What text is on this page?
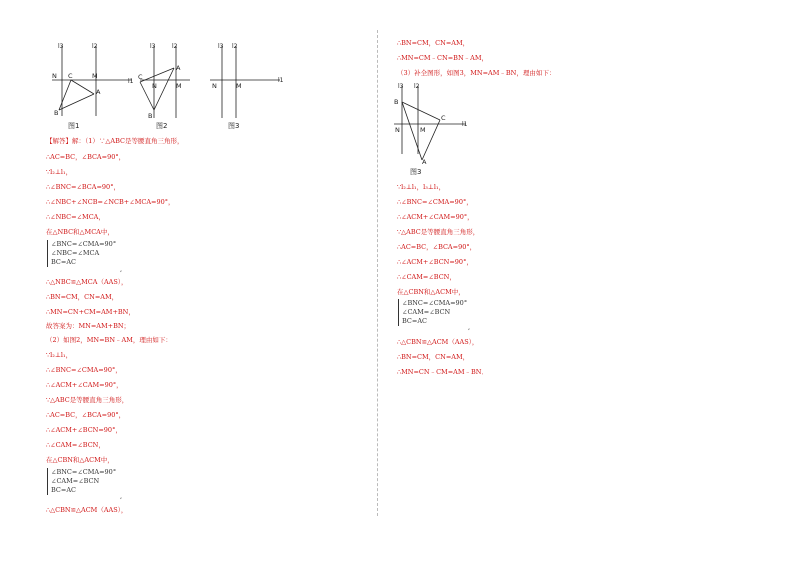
l3	l2
l1
N C	M
A
B
图1
l3	l2
C
A
N	M
B
图2
l3 l2
l1
N	M
图3
【解答】解：（1）∵△ABC是等腰直角三角形，
∴AC=BC，∠BCA=90°，
∵l₂⊥l₁，
∴∠BNC=∠BCA=90°，
∴∠NBC+∠NCB=∠NCB+∠MCA=90°，
∴∠NBC=∠MCA，
在△NBC和△MCA中，
∠BNC=∠CMA=90°
∠NBC=∠MCA
BC=AC
,
∴△NBC≌△MCA（AAS），
∴BN=CM，CN=AM，
∴MN=CN+CM=AM+BN，
故答案为：MN=AM+BN；
（2）如图2，MN=BN﹣AM，理由如下：
∵l₂⊥l₁，
∴∠BNC=∠CMA=90°，
∴∠ACM+∠CAM=90°，
∵△ABC是等腰直角三角形，
∴AC=BC，∠BCA=90°，
∴∠ACM+∠BCN=90°，
∴∠CAM=∠BCN，
在△CBN和△ACM中，
∠BNC=∠CMA=90°
∠CAM=∠BCN
BC=AC
,
∴△CBN≌△ACM（AAS），
∴BN=CM，CN=AM，
∴MN=CM﹣CN=BN﹣AM，
（3）补全图形，如图3，MN=AM﹣BN，理由如下：
l3 l2
l1
B
N	M
C
A
图3
∵l₂⊥l₁，l₃⊥l₁，
∴∠BNC=∠CMA=90°，
∴∠ACM+∠CAM=90°，
∵△ABC是等腰直角三角形，
∴AC=BC，∠BCA=90°，
∴∠ACM+∠BCN=90°，
∴∠CAM=∠BCN，
在△CBN和△ACM中，
∠BNC=∠CMA=90°
∠CAM=∠BCN
BC=AC
,
∴△CBN≌△ACM（AAS），
∴BN=CM，CN=AM，
∴MN=CN﹣CM=AM﹣BN．
